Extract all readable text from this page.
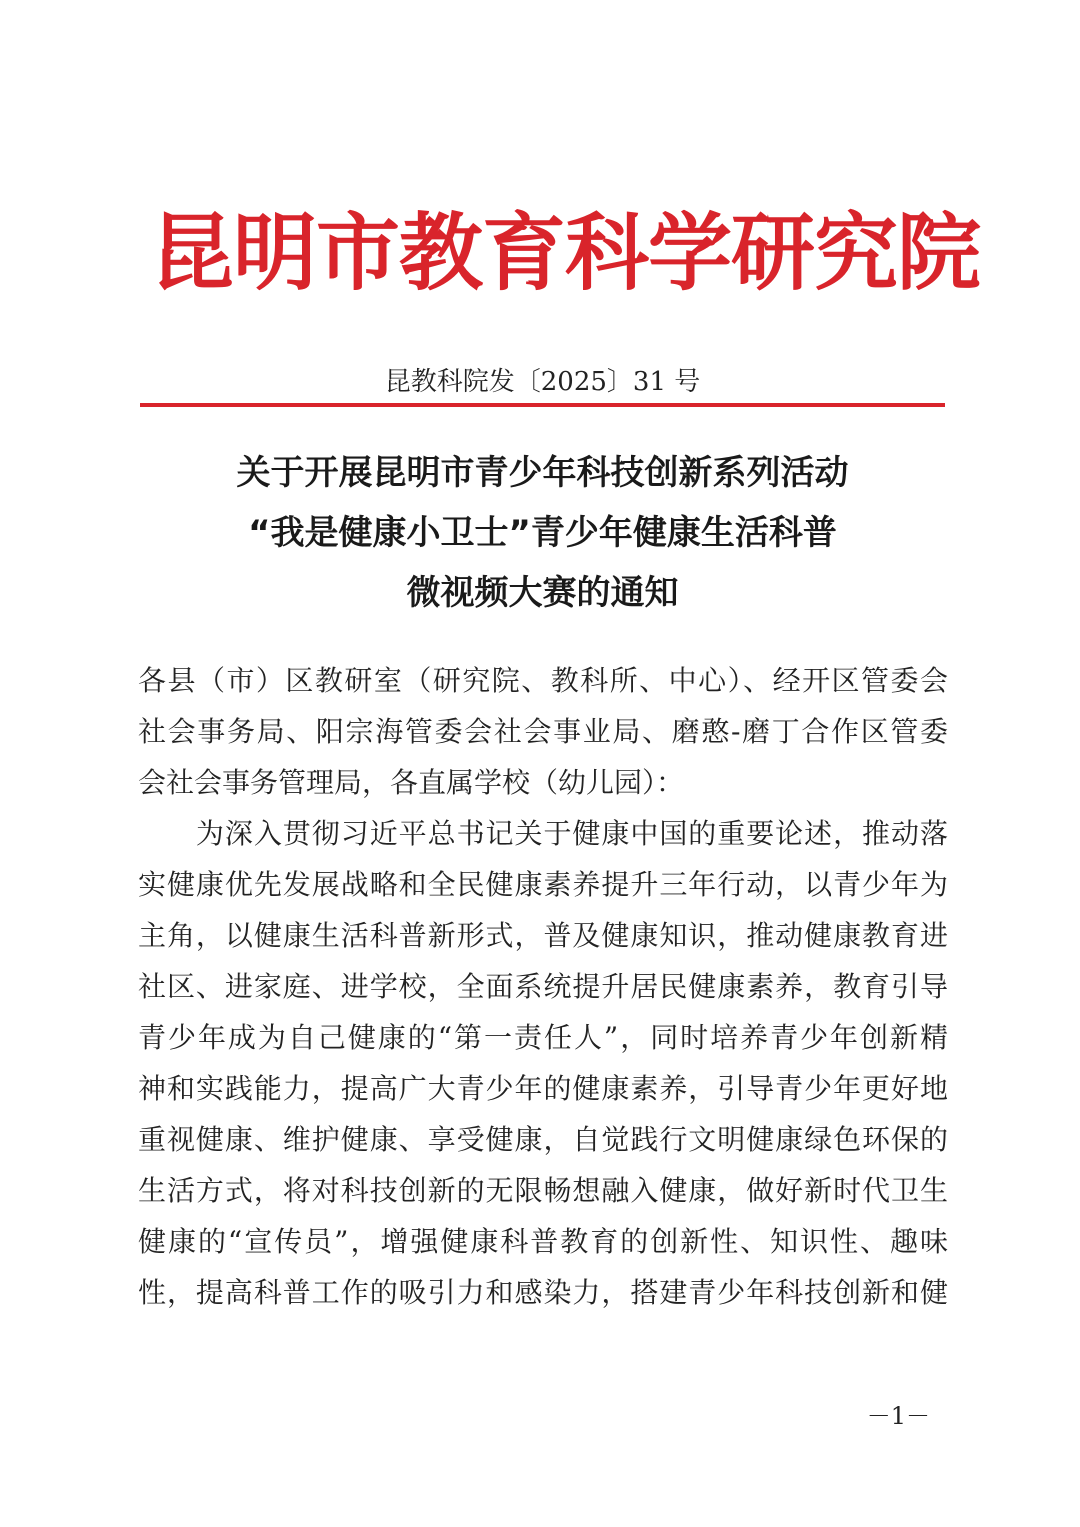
昆明市教育科学研究院
昆教科院发〔2025〕31 号
关于开展昆明市青少年科技创新系列活动
“我是健康小卫士”青少年健康生活科普
微视频大赛的通知
各县（市）区教研室（研究院、教科所、中心）、经开区管委会
社会事务局、阳宗海管委会社会事业局、磨憨-磨丁合作区管委
会社会事务管理局，各直属学校（幼儿园）：
　　为深入贯彻习近平总书记关于健康中国的重要论述，推动落
实健康优先发展战略和全民健康素养提升三年行动，以青少年为
主角，以健康生活科普新形式，普及健康知识，推动健康教育进
社区、进家庭、进学校，全面系统提升居民健康素养，教育引导
青少年成为自己健康的“第一责任人”，同时培养青少年创新精
神和实践能力，提高广大青少年的健康素养，引导青少年更好地
重视健康、维护健康、享受健康，自觉践行文明健康绿色环保的
生活方式，将对科技创新的无限畅想融入健康，做好新时代卫生
健康的“宣传员”，增强健康科普教育的创新性、知识性、趣味
性，提高科普工作的吸引力和感染力，搭建青少年科技创新和健
－1－
